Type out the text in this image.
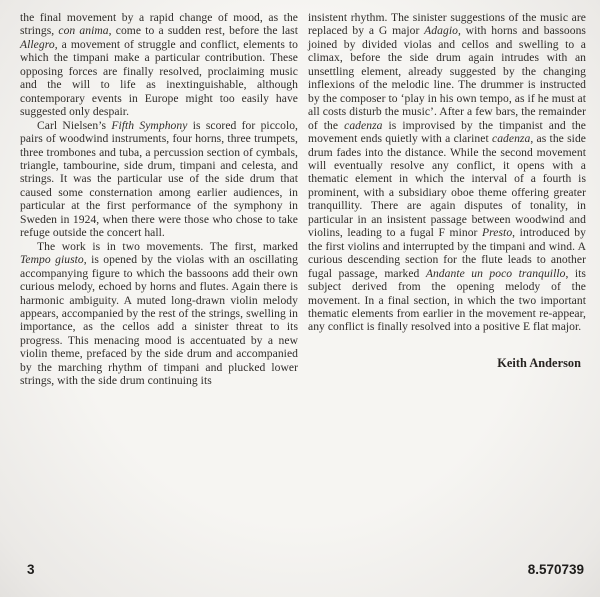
the final movement by a rapid change of mood, as the strings, con anima, come to a sudden rest, before the last Allegro, a movement of struggle and conflict, elements to which the timpani make a particular contribution. These opposing forces are finally resolved, proclaiming music and the will to life as inextinguishable, although contemporary events in Europe might too easily have suggested only despair.

Carl Nielsen’s Fifth Symphony is scored for piccolo, pairs of woodwind instruments, four horns, three trumpets, three trombones and tuba, a percussion section of cymbals, triangle, tambourine, side drum, timpani and celesta, and strings. It was the particular use of the side drum that caused some consternation among earlier audiences, in particular at the first performance of the symphony in Sweden in 1924, when there were those who chose to take refuge outside the concert hall.

The work is in two movements. The first, marked Tempo giusto, is opened by the violas with an oscillating accompanying figure to which the bassoons add their own curious melody, echoed by horns and flutes. Again there is harmonic ambiguity. A muted long-drawn violin melody appears, accompanied by the rest of the strings, swelling in importance, as the cellos add a sinister threat to its progress. This menacing mood is accentuated by a new violin theme, prefaced by the side drum and accompanied by the marching rhythm of timpani and plucked lower strings, with the side drum continuing its

insistent rhythm. The sinister suggestions of the music are replaced by a G major Adagio, with horns and bassoons joined by divided violas and cellos and swelling to a climax, before the side drum again intrudes with an unsettling element, already suggested by the changing inflexions of the melodic line. The drummer is instructed by the composer to ‘play in his own tempo, as if he must at all costs disturb the music’. After a few bars, the remainder of the cadenza is improvised by the timpanist and the movement ends quietly with a clarinet cadenza, as the side drum fades into the distance. While the second movement will eventually resolve any conflict, it opens with a thematic element in which the interval of a fourth is prominent, with a subsidiary oboe theme offering greater tranquillity. There are again disputes of tonality, in particular in an insistent passage between woodwind and violins, leading to a fugal F minor Presto, introduced by the first violins and interrupted by the timpani and wind. A curious descending section for the flute leads to another fugal passage, marked Andante un poco tranquillo, its subject derived from the opening melody of the movement. In a final section, in which the two important thematic elements from earlier in the movement re-appear, any conflict is finally resolved into a positive E flat major.

Keith Anderson
3	8.570739
